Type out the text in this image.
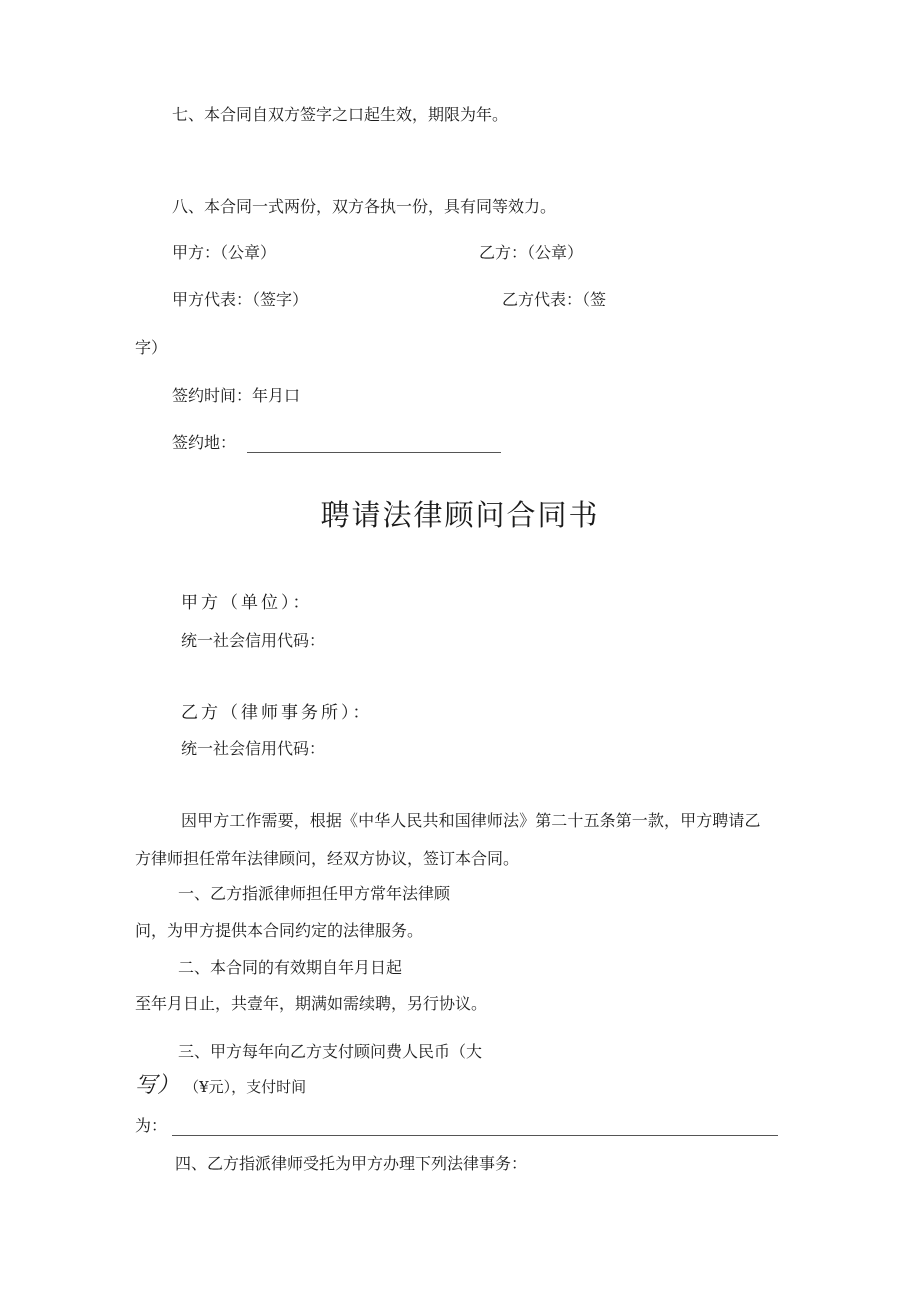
七、本合同自双方签字之口起生效，期限为年。
八、本合同一式两份，双方各执一份，具有同等效力。
甲方：（公章）	乙方：（公章）
甲方代表：（签字）	乙方代表：（签
字）
签约时间：年月口
签约地：
聘请法律顾问合同书
甲方（单位）：
统一社会信用代码：
乙方（律师事务所）：
统一社会信用代码：
因甲方工作需要，根据《中华人民共和国律师法》第二十五条第一款，甲方聘请乙
方律师担任常年法律顾问，经双方协议，签订本合同。
一、乙方指派律师担任甲方常年法律顾
问，为甲方提供本合同约定的法律服务。
二、本合同的有效期自年月日起
至年月日止，共壹年，期满如需续聘，另行协议。
三、甲方每年向乙方支付顾问费人民币（大
写） （¥元），支付时间
为：
四、乙方指派律师受托为甲方办理下列法律事务：
